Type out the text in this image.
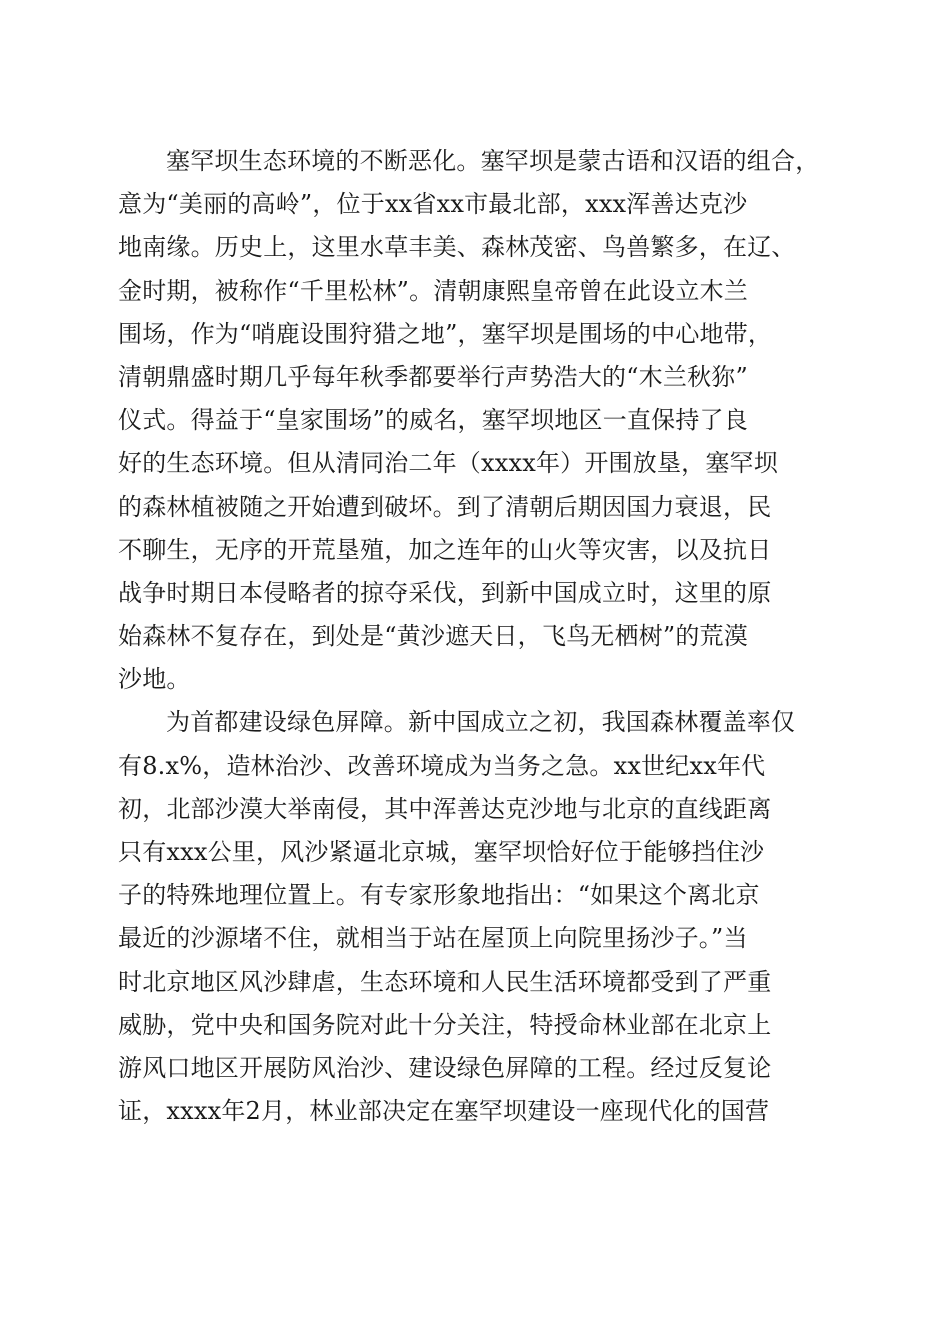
塞罕坝生态环境的不断恶化。塞罕坝是蒙古语和汉语的组合，
意为“美丽的高岭”，位于xx省xx市最北部，xxx浑善达克沙
地南缘。历史上，这里水草丰美、森林茂密、鸟兽繁多，在辽、
金时期，被称作“千里松林”。清朝康熙皇帝曾在此设立木兰
围场，作为“哨鹿设围狩猎之地”，塞罕坝是围场的中心地带，
清朝鼎盛时期几乎每年秋季都要举行声势浩大的“木兰秋狝”
仪式。得益于“皇家围场”的威名，塞罕坝地区一直保持了良
好的生态环境。但从清同治二年（xxxx年）开围放垦，塞罕坝
的森林植被随之开始遭到破坏。到了清朝后期因国力衰退，民
不聊生，无序的开荒垦殖，加之连年的山火等灾害，以及抗日
战争时期日本侵略者的掠夺采伐，到新中国成立时，这里的原
始森林不复存在，到处是“黄沙遮天日，飞鸟无栖树”的荒漠
沙地。
为首都建设绿色屏障。新中国成立之初，我国森林覆盖率仅
有8.x%，造林治沙、改善环境成为当务之急。xx世纪xx年代
初，北部沙漠大举南侵，其中浑善达克沙地与北京的直线距离
只有xxx公里，风沙紧逼北京城，塞罕坝恰好位于能够挡住沙
子的特殊地理位置上。有专家形象地指出：“如果这个离北京
最近的沙源堵不住，就相当于站在屋顶上向院里扬沙子。”当
时北京地区风沙肆虐，生态环境和人民生活环境都受到了严重
威胁，党中央和国务院对此十分关注，特授命林业部在北京上
游风口地区开展防风治沙、建设绿色屏障的工程。经过反复论
证，xxxx年2月，林业部决定在塞罕坝建设一座现代化的国营
